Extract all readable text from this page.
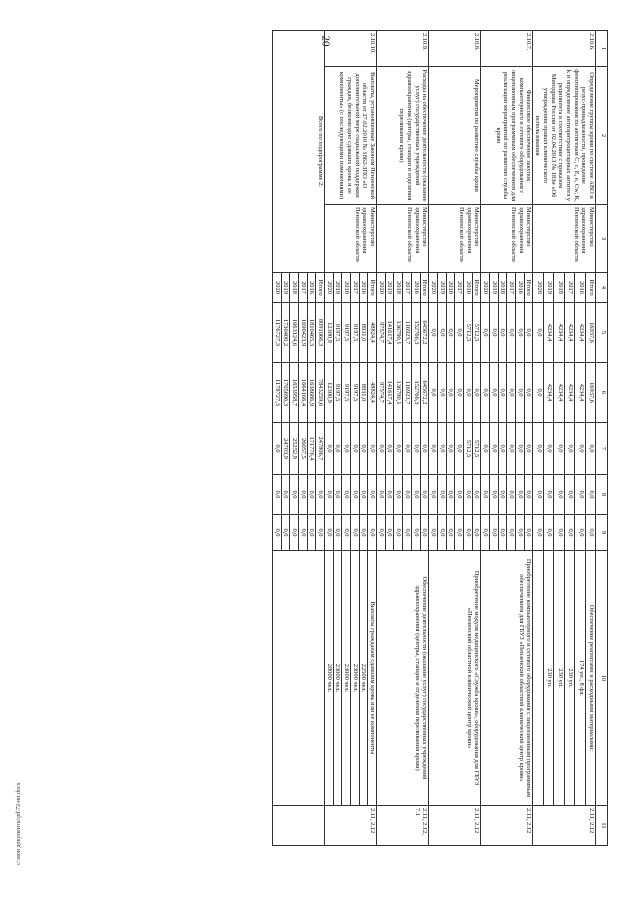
20
1	2	3	4	5	6	7	8	9	10	11
2.10.6.	Определение группы крови по системе АВО и резус-принадлежности, проведение фенотипирования по антигенам C, c, E, e, Cw, K, k и определение антиэритроцитарных антител у реципиента в соответствии с приказом Минздрава России от 02.04.2013 № 183н «Об утверждении правил клинического использования	Министерство здравоохранения Пензенской области	Итого	16937,6	16937,6	0,0	0,0	0,0	Обеспечение реагентами и расходными материалами:	2.11, 2.12
			2016	4234,4	4234,4	0,0	0,0	0,0	174 уп., 8 фл.	
			2017	4234,4	4234,4	0,0	0,0	0,0	230 уп.	
			2018	4234,4	4234,4	0,0	0,0	0,0	230 уп.	
			2019	4234,4	4234,4	0,0	0,0	0,0	230 уп.	
			2020	0,0	0,0	0,0	0,0	0,0		
2.10.7.	Финансовое обеспечение закупок компьютерного и сетевого оборудования с лицензионным программным обеспечением для реализации мероприятий по развитию службы крови	Министерство здравоохранения Пензенской области	Итого	0,0	0,0	0,0	0,0	0,0	Приобретение компьютерного и сетевого оборудования с лицензионным программным обеспечением для ГБУЗ «Пензенский областной клинический центр крови»	2.11, 2.12
			2016	0,0	0,0	0,0	0,0	0,0		
			2017	0,0	0,0	0,0	0,0	0,0		
			2018	0,0	0,0	0,0	0,0	0,0		
			2019	0,0	0,0	0,0	0,0	0,0		
			2020	0,0	0,0	0,0	0,0	0,0		
2.10.8.	Мероприятия по развитию службы крови	Министерство здравоохранения Пензенской области	Итого	5712,5	0,0	5712,5	0,0	0,0	Приобретение модуля медицинского «Служба крови», оборудования для ГБУЗ «Пензенский областной клинический центр крови»	2.11, 2.12
			2016	5712,5	0,0	5712,5	0,0	0,0		
			2017	0,0	0,0	0,0	0,0	0,0		
			2018	0,0	0,0	0,0	0,0	0,0		
			2019	0,0	0,0	0,0	0,0	0,0		
			2020	0,0	0,0	0,0	0,0	0,0		
2.10.9.	Расходы на обеспечение деятельности (оказание услуг) государственных учреждений здравоохранения (центры, станции и отделения переливания крови)	Министерство здравоохранения Пензенской области	Итого	645672,2	645672,2	0,0	0,0	0,0	Обеспечение деятельности (оказание услуг) государственных учреждений здравоохранения (центры, станции и отделения переливания крови)	2.11, 2.12, 7.1
			2016	152766,3	152766,3	0,0	0,0	0,0		
			2017	116923,7	116923,7	0,0	0,0	0,0		
			2018	136790,1	136790,1	0,0	0,0	0,0		
			2019	141617,4	141617,4	0,0	0,0	0,0		
			2020	97574,7	97574,7	0,0	0,0	0,0		
2.10.10.	Выплаты, установленные Законом Пензенской области от 27.02.2010 № 1862-ЗПО «О дополнительной мере социальной поддержки граждан, безвозмездно сдавших кровь и ее компоненты» (с последующими изменениями)	Министерство здравоохранения Пензенской области	Итого	48824,4	48824,4	0,0	0,0	0,0	Выплаты гражданам сдавшим кровь или ее компоненты	2.11, 2.12
			2016	8931,0	8931,0	0,0	0,0	0,0	22500 чел.	
			2017	9197,5	9197,5	0,0	0,0	0,0	23000 чел.	
			2018	9197,5	9197,5	0,0	0,0	0,0	23000 чел.	
			2019	9197,5	9197,5	0,0	0,0	0,0	23000 чел.	
			2020	12300,9	12300,9	0,0	0,0	0,0	28000 чел.	
Всего по подпрограмме 2:			Итого	8091066,3	7843259,6	247806,7	0,0	0,0		
			2016	1810465,3	1638686,9	171776,4	0,0	0,0		
			2017	1690423,9	1664166,4	26057,5	0,0	0,0		
			2018	1663124,6	1653958,7	25252,9	0,0	0,0		
			2019	1730400,2	1705696,3	24703,9	0,0	0,0		
			2020	1176727,3	1178727,3	0,0	0,0	0,0		
c:\мои документы\pd\72-ип.docx
